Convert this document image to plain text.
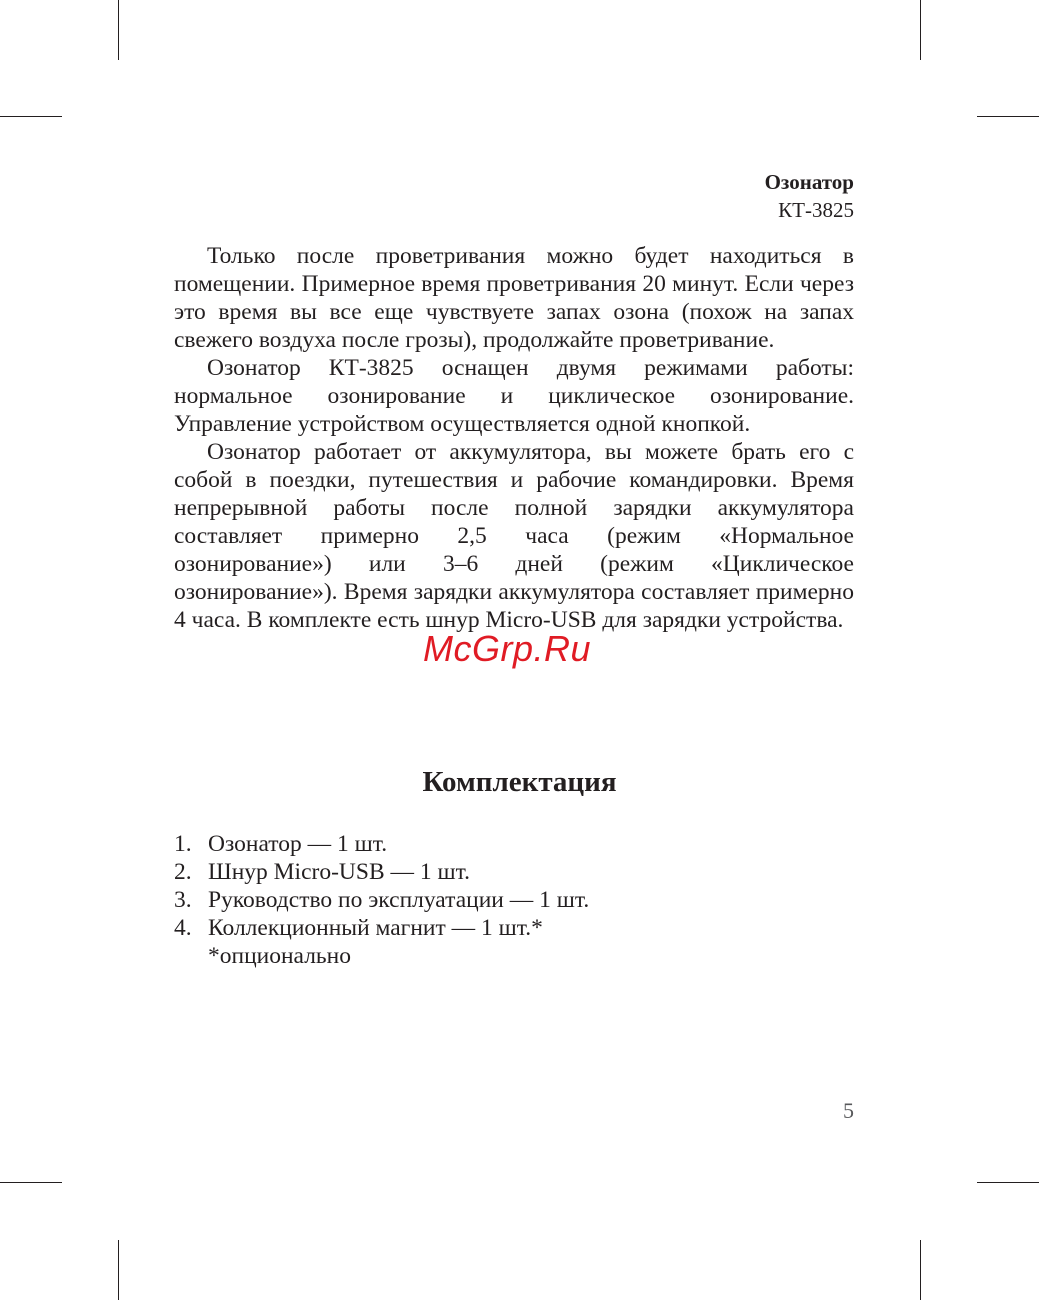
Озонатор
КТ-3825

Только после проветривания можно будет находиться в помещении. Примерное время проветривания 20 минут. Если через это время вы все еще чувствуете запах озона (похож на запах свежего воздуха после грозы), продолжайте проветривание.

Озонатор КТ-3825 оснащен двумя режимами работы: нормальное озонирование и циклическое озонирование. Управление устройством осуществляется одной кнопкой.

Озонатор работает от аккумулятора, вы можете брать его с собой в поездки, путешествия и рабочие командировки. Время непрерывной работы после полной зарядки аккумулятора составляет примерно 2,5 часа (режим «Нормальное озонирование») или 3–6 дней (режим «Циклическое озонирование»). Время зарядки аккумулятора составляет примерно 4 часа. В комплекте есть шнур Micro-USB для зарядки устройства.

McGrp.Ru
Комплектация
1. Озонатор — 1 шт.
2. Шнур Micro-USB — 1 шт.
3. Руководство по эксплуатации — 1 шт.
4. Коллекционный магнит — 1 шт.*
*опционально
5
